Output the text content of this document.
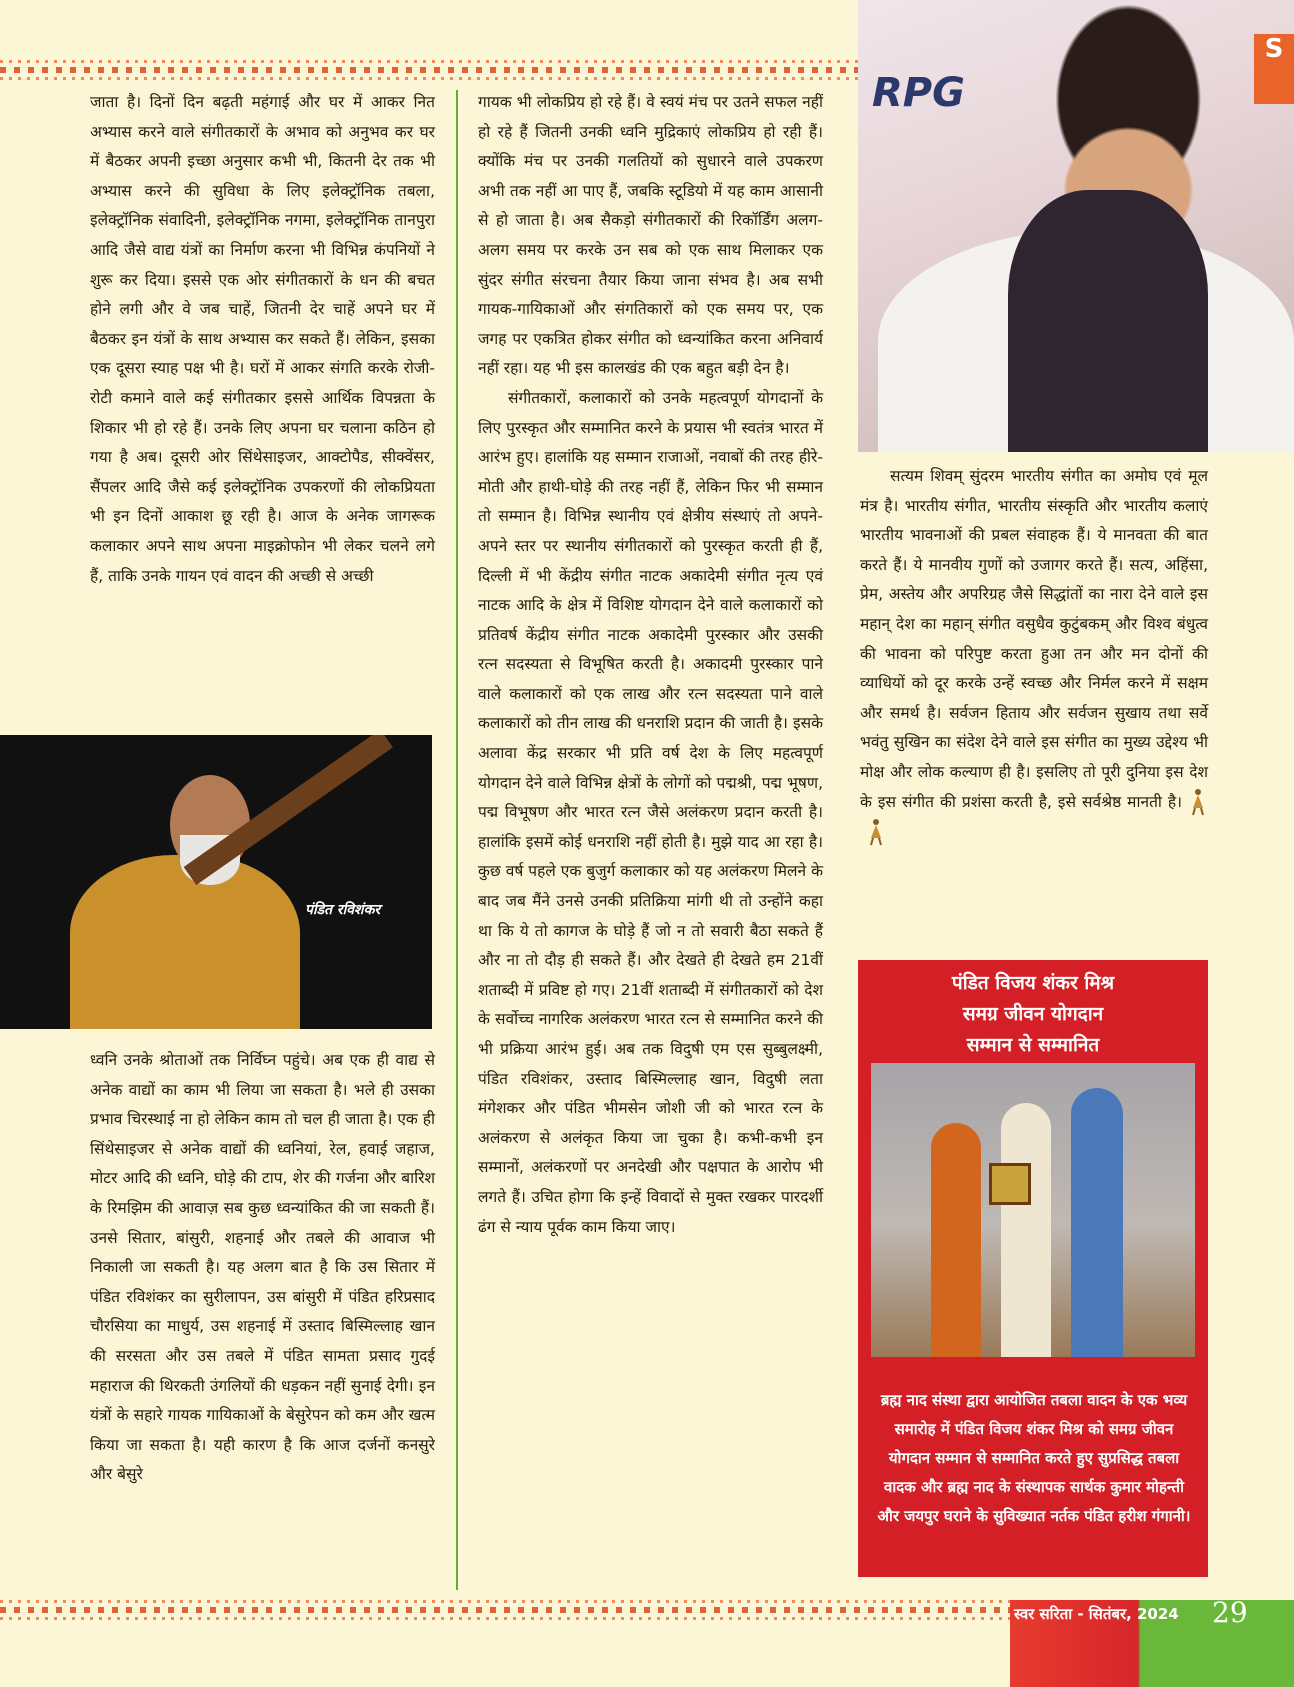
जाता है। दिनों दिन बढ़ती महंगाई और घर में आकर नित अभ्यास करने वाले संगीतकारों के अभाव को अनुभव कर घर में बैठकर अपनी इच्छा अनुसार कभी भी, कितनी देर तक भी अभ्यास करने की सुविधा के लिए इलेक्ट्रॉनिक तबला, इलेक्ट्रॉनिक संवादिनी, इलेक्ट्रॉनिक नगमा, इलेक्ट्रॉनिक तानपुरा आदि जैसे वाद्य यंत्रों का निर्माण करना भी विभिन्न कंपनियों ने शुरू कर दिया। इससे एक ओर संगीतकारों के धन की बचत होने लगी और वे जब चाहें, जितनी देर चाहें अपने घर में बैठकर इन यंत्रों के साथ अभ्यास कर सकते हैं। लेकिन, इसका एक दूसरा स्याह पक्ष भी है। घरों में आकर संगति करके रोजी-रोटी कमाने वाले कई संगीतकार इससे आर्थिक विपन्नता के शिकार भी हो रहे हैं। उनके लिए अपना घर चलाना कठिन हो गया है अब। दूसरी ओर सिंथेसाइजर, आक्टोपैड, सीक्वेंसर, सैंपलर आदि जैसे कई इलेक्ट्रॉनिक उपकरणों की लोकप्रियता भी इन दिनों आकाश छू रही है। आज के अनेक जागरूक कलाकार अपने साथ अपना माइक्रोफोन भी लेकर चलने लगे हैं, ताकि उनके गायन एवं वादन की अच्छी से अच्छी

पंडित रविशंकर

ध्वनि उनके श्रोताओं तक निर्विघ्न पहुंचे। अब एक ही वाद्य से अनेक वाद्यों का काम भी लिया जा सकता है। भले ही उसका प्रभाव चिरस्थाई ना हो लेकिन काम तो चल ही जाता है। एक ही सिंथेसाइजर से अनेक वाद्यों की ध्वनियां, रेल, हवाई जहाज, मोटर आदि की ध्वनि, घोड़े की टाप, शेर की गर्जना और बारिश के रिमझिम की आवाज़ सब कुछ ध्वन्यांकित की जा सकती हैं। उनसे सितार, बांसुरी, शहनाई और तबले की आवाज भी निकाली जा सकती है। यह अलग बात है कि उस सितार में पंडित रविशंकर का सुरीलापन, उस बांसुरी में पंडित हरिप्रसाद चौरसिया का माधुर्य, उस शहनाई में उस्ताद बिस्मिल्लाह खान की सरसता और उस तबले में पंडित सामता प्रसाद गुदई महाराज की थिरकती उंगलियों की धड़कन नहीं सुनाई देगी। इन यंत्रों के सहारे गायक गायिकाओं के बेसुरेपन को कम और खत्म किया जा सकता है। यही कारण है कि आज दर्जनों कनसुरे और बेसुरे

गायक भी लोकप्रिय हो रहे हैं। वे स्वयं मंच पर उतने सफल नहीं हो रहे हैं जितनी उनकी ध्वनि मुद्रिकाएं लोकप्रिय हो रही हैं। क्योंकि मंच पर उनकी गलतियों को सुधारने वाले उपकरण अभी तक नहीं आ पाए हैं, जबकि स्टूडियो में यह काम आसानी से हो जाता है। अब सैकड़ो संगीतकारों की रिकॉर्डिंग अलग-अलग समय पर करके उन सब को एक साथ मिलाकर एक सुंदर संगीत संरचना तैयार किया जाना संभव है। अब सभी गायक-गायिकाओं और संगतिकारों को एक समय पर, एक जगह पर एकत्रित होकर संगीत को ध्वन्यांकित करना अनिवार्य नहीं रहा। यह भी इस कालखंड की एक बहुत बड़ी देन है।

संगीतकारों, कलाकारों को उनके महत्वपूर्ण योगदानों के लिए पुरस्कृत और सम्मानित करने के प्रयास भी स्वतंत्र भारत में आरंभ हुए। हालांकि यह सम्मान राजाओं, नवाबों की तरह हीरे-मोती और हाथी-घोड़े की तरह नहीं हैं, लेकिन फिर भी सम्मान तो सम्मान है। विभिन्न स्थानीय एवं क्षेत्रीय संस्थाएं तो अपने-अपने स्तर पर स्थानीय संगीतकारों को पुरस्कृत करती ही हैं, दिल्ली में भी केंद्रीय संगीत नाटक अकादेमी संगीत नृत्य एवं नाटक आदि के क्षेत्र में विशिष्ट योगदान देने वाले कलाकारों को प्रतिवर्ष केंद्रीय संगीत नाटक अकादेमी पुरस्कार और उसकी रत्न सदस्यता से विभूषित करती है। अकादमी पुरस्कार पाने वाले कलाकारों को एक लाख और रत्न सदस्यता पाने वाले कलाकारों को तीन लाख की धनराशि प्रदान की जाती है। इसके अलावा केंद्र सरकार भी प्रति वर्ष देश के लिए महत्वपूर्ण योगदान देने वाले विभिन्न क्षेत्रों के लोगों को पद्मश्री, पद्म भूषण, पद्म विभूषण और भारत रत्न जैसे अलंकरण प्रदान करती है। हालांकि इसमें कोई धनराशि नहीं होती है। मुझे याद आ रहा है। कुछ वर्ष पहले एक बुजुर्ग कलाकार को यह अलंकरण मिलने के बाद जब मैंने उनसे उनकी प्रतिक्रिया मांगी थी तो उन्होंने कहा था कि ये तो कागज के घोड़े हैं जो न तो सवारी बैठा सकते हैं और ना तो दौड़ ही सकते हैं। और देखते ही देखते हम 21वीं शताब्दी में प्रविष्ट हो गए। 21वीं शताब्दी में संगीतकारों को देश के सर्वोच्च नागरिक अलंकरण भारत रत्न से सम्मानित करने की भी प्रक्रिया आरंभ हुई। अब तक विदुषी एम एस सुब्बुलक्ष्मी, पंडित रविशंकर, उस्ताद बिस्मिल्लाह खान, विदुषी लता मंगेशकर और पंडित भीमसेन जोशी जी को भारत रत्न के अलंकरण से अलंकृत किया जा चुका है। कभी-कभी इन सम्मानों, अलंकरणों पर अनदेखी और पक्षपात के आरोप भी लगते हैं। उचित होगा कि इन्हें विवादों से मुक्त रखकर पारदर्शी ढंग से न्याय पूर्वक काम किया जाए।

RPG
S

सत्यम शिवम् सुंदरम भारतीय संगीत का अमोघ एवं मूल मंत्र है। भारतीय संगीत, भारतीय संस्कृति और भारतीय कलाएं भारतीय भावनाओं की प्रबल संवाहक हैं। ये मानवता की बात करते हैं। ये मानवीय गुणों को उजागर करते हैं। सत्य, अहिंसा, प्रेम, अस्तेय और अपरिग्रह जैसे सिद्धांतों का नारा देने वाले इस महान् देश का महान् संगीत वसुधैव कुटुंबकम् और विश्व बंधुत्व की भावना को परिपुष्ट करता हुआ तन और मन दोनों की व्याधियों को दूर करके उन्हें स्वच्छ और निर्मल करने में सक्षम और समर्थ है। सर्वजन हिताय और सर्वजन सुखाय तथा सर्वे भवंतु सुखिन का संदेश देने वाले इस संगीत का मुख्य उद्देश्य भी मोक्ष और लोक कल्याण ही है। इसलिए तो पूरी दुनिया इस देश के इस संगीत की प्रशंसा करती है, इसे सर्वश्रेष्ठ मानती है।

पंडित विजय शंकर मिश्र
समग्र जीवन योगदान
सम्मान से सम्मानित
ब्रह्म नाद संस्था द्वारा आयोजित तबला वादन के एक भव्य समारोह में पंडित विजय शंकर मिश्र को समग्र जीवन योगदान सम्मान से सम्मानित करते हुए सुप्रसिद्ध तबला वादक और ब्रह्म नाद के संस्थापक सार्थक कुमार मोहन्ती और जयपुर घराने के सुविख्यात नर्तक पंडित हरीश गंगानी।
स्वर सरिता - सितंबर, 2024 29
